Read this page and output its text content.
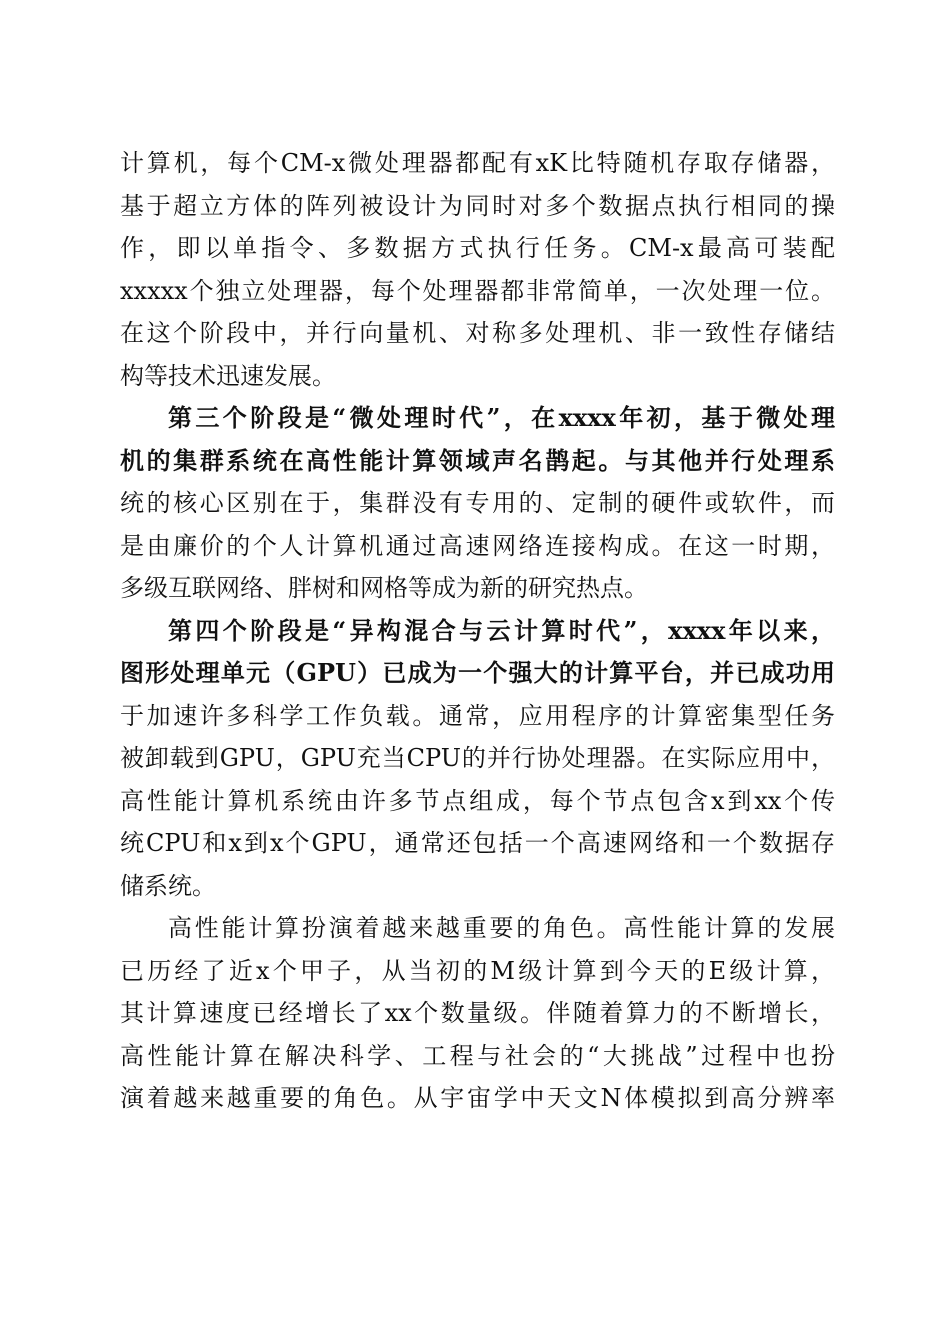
计算机，每个CM-x微处理器都配有xK比特随机存取存储器，
基于超立方体的阵列被设计为同时对多个数据点执行相同的操
作，即以单指令、多数据方式执行任务。CM-x最高可装配
xxxxx个独立处理器，每个处理器都非常简单，一次处理一位。
在这个阶段中，并行向量机、对称多处理机、非一致性存储结
构等技术迅速发展。
第三个阶段是“微处理时代”，在xxxx年初，基于微处理
机的集群系统在高性能计算领域声名鹊起。与其他并行处理系
统的核心区别在于，集群没有专用的、定制的硬件或软件，而
是由廉价的个人计算机通过高速网络连接构成。在这一时期，
多级互联网络、胖树和网格等成为新的研究热点。
第四个阶段是“异构混合与云计算时代”，xxxx年以来，
图形处理单元（GPU）已成为一个强大的计算平台，并已成功用
于加速许多科学工作负载。通常，应用程序的计算密集型任务
被卸载到GPU，GPU充当CPU的并行协处理器。在实际应用中，
高性能计算机系统由许多节点组成，每个节点包含x到xx个传
统CPU和x到x个GPU，通常还包括一个高速网络和一个数据存
储系统。
高性能计算扮演着越来越重要的角色。高性能计算的发展
已历经了近x个甲子，从当初的M级计算到今天的E级计算，
其计算速度已经增长了xx个数量级。伴随着算力的不断增长，
高性能计算在解决科学、工程与社会的“大挑战”过程中也扮
演着越来越重要的角色。从宇宙学中天文N体模拟到高分辨率
